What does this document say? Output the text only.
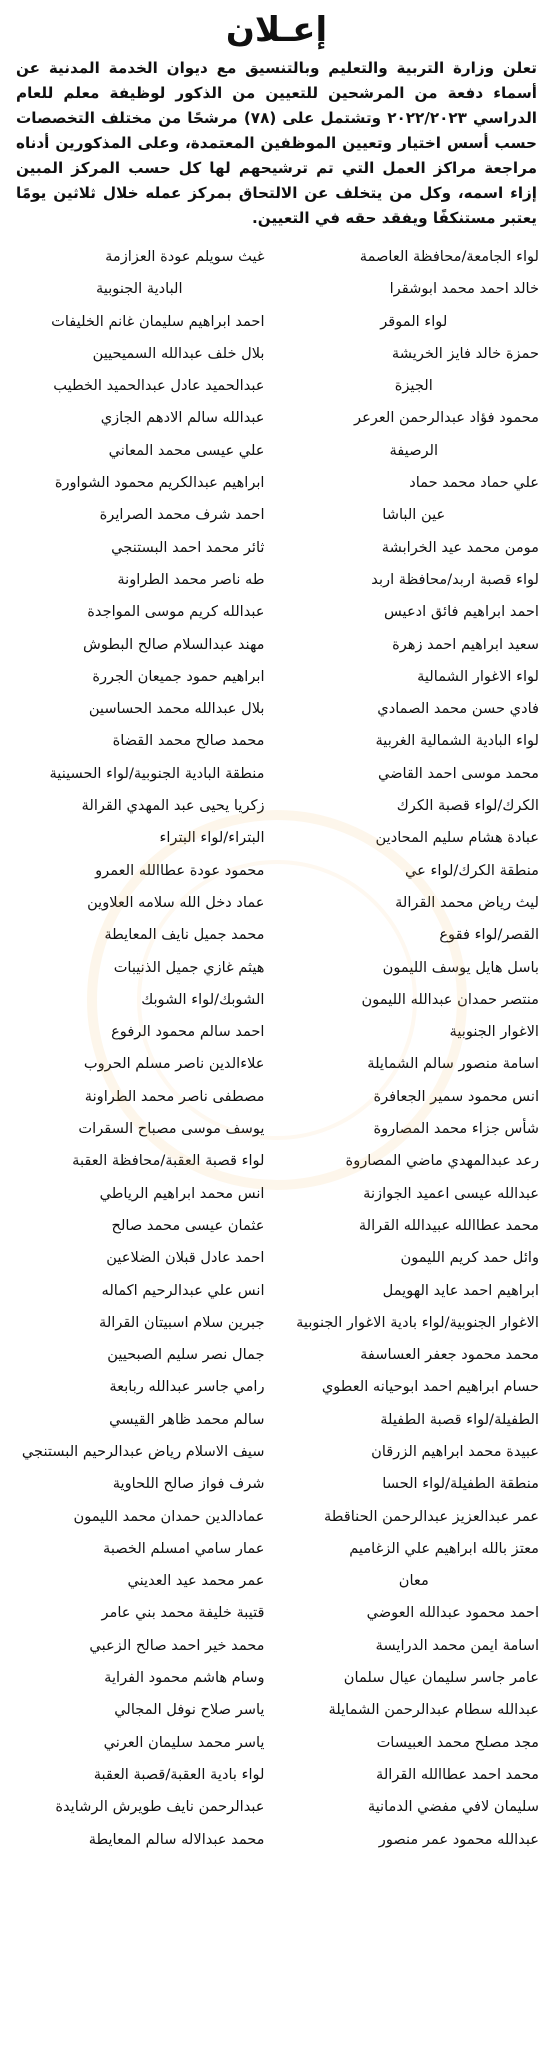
إعـلان

تعلن وزارة التربية والتعليم وبالتنسيق مع ديوان الخدمة المدنية عن أسماء دفعة من المرشحين للتعيين من الذكور لوظيفة معلم للعام الدراسي ٢٠٢٢/٢٠٢٣ وتشتمل على (٧٨) مرشحًا من مختلف التخصصات حسب أسس اختيار وتعيين الموظفين المعتمدة، وعلى المذكورين أدناه مراجعة مراكز العمل التي تم ترشيحهم لها كل حسب المركز المبين إزاء اسمه، وكل من يتخلف عن الالتحاق بمركز عمله خلال ثلاثين يومًا يعتبر مستنكفًا ويفقد حقه في التعيين.

لواء الجامعة/محافظة العاصمة
خالد احمد محمد ابوشقرا
لواء الموقر
حمزة خالد فايز الخريشة
الجيزة
محمود فؤاد عبدالرحمن العرعر
الرصيفة
علي حماد محمد حماد
عين الباشا
مومن محمد عيد الخرابشة
لواء قصبة اربد/محافظة اربد
احمد ابراهيم فائق ادعيس
سعيد ابراهيم احمد زهرة
لواء الاغوار الشمالية
فادي حسن محمد الصمادي
لواء البادية الشمالية الغربية
محمد موسى احمد القاضي
الكرك/لواء قصبة الكرك
عبادة هشام سليم المحادين
منطقة الكرك/لواء عي
ليث رياض محمد القرالة
القصر/لواء فقوع
باسل هايل يوسف الليمون
منتصر حمدان عبدالله الليمون
الاغوار الجنوبية
اسامة منصور سالم الشمايلة
انس محمود سمير الجعافرة
شأس جزاء محمد المصاروة
رعد عبدالمهدي ماضي المصاروة
عبدالله عيسى اعميد الجوازنة
محمد عطاالله عبيدالله القرالة
وائل حمد كريم الليمون
ابراهيم احمد عايد الهويمل
الاغوار الجنوبية/لواء بادية الاغوار الجنوبية
محمد محمود جعفر العساسفة
حسام ابراهيم احمد ابوحيانه العطوي
الطفيلة/لواء قصبة الطفيلة
عبيدة محمد ابراهيم الزرقان
منطقة الطفيلة/لواء الحسا
عمر عبدالعزيز عبدالرحمن الحناقطة
معتز بالله ابراهيم علي الزغاميم
معان
احمد محمود عبدالله العوضي
اسامة ايمن محمد الدرايسة
عامر جاسر سليمان عيال سلمان
عبدالله سطام عبدالرحمن الشمايلة
مجد مصلح محمد العبيسات
محمد احمد عطاالله القرالة
سليمان لافي مفضي الدمانية
عبدالله محمود عمر منصور
غيث سويلم عودة العزازمة
البادية الجنوبية
احمد ابراهيم سليمان غانم الخليفات
بلال خلف عبدالله السميحيين
عبدالحميد عادل عبدالحميد الخطيب
عبدالله سالم الادهم الجازي
علي عيسى محمد المعاني
ابراهيم عبدالكريم محمود الشواورة
احمد شرف محمد الصرايرة
ثائر محمد احمد البستنجي
طه ناصر محمد الطراونة
عبدالله كريم موسى المواجدة
مهند عبدالسلام صالح البطوش
ابراهيم حمود جميعان الجررة
بلال عبدالله محمد الحساسين
محمد صالح محمد القضاة
منطقة البادية الجنوبية/لواء الحسينية
زكريا يحيى عبد المهدي القرالة
البتراء/لواء البتراء
محمود عودة عطاالله العمرو
عماد دخل الله سلامه العلاوين
محمد جميل نايف المعايطة
هيثم غازي جميل الذنيبات
الشوبك/لواء الشوبك
احمد سالم محمود الرفوع
علاءالدين ناصر مسلم الحروب
مصطفى ناصر محمد الطراونة
يوسف موسى مصباح السقرات
لواء قصبة العقبة/محافظة العقبة
انس محمد ابراهيم الرياطي
عثمان عيسى محمد صالح
احمد عادل قبلان الضلاعين
انس علي عبدالرحيم اكماله
جبرين سلام اسبيتان القرالة
جمال نصر سليم الصبحيين
رامي جاسر عبدالله ربابعة
سالم محمد ظاهر القيسي
سيف الاسلام رياض عبدالرحيم البستنجي
شرف فواز صالح اللحاوية
عمادالدين حمدان محمد الليمون
عمار سامي امسلم الخصبة
عمر محمد عيد العديني
قتيبة خليفة محمد بني عامر
محمد خير احمد صالح الزعبي
وسام هاشم محمود الفراية
ياسر صلاح نوفل المجالي
ياسر محمد سليمان العرني
لواء بادية العقبة/قصبة العقبة
عبدالرحمن نايف طويرش الرشايدة
محمد عبدالاله سالم المعايطة
